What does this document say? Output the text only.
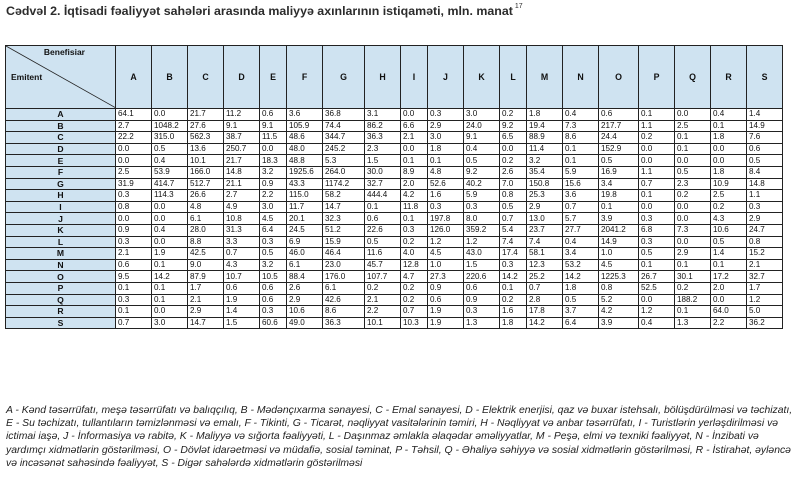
Cədvəl 2. İqtisadi fəaliyyət sahələri arasında maliyyə axınlarının istiqaməti, mln. manat $^{17}$
Benefisiar
Emitent	A	B	C	D	E	F	G	H	I	J	K	L	M	N	O	P	Q	R	S
A	64.1	0.0	21.7	11.2	0.6	3.6	36.8	3.1	0.0	0.3	3.0	0.2	1.8	0.4	0.6	0.1	0.0	0.4	1.4
B	2.7	1048.2	27.6	9.1	9.1	105.9	74.4	86.2	6.6	2.9	24.0	9.2	19.4	7.3	217.7	1.1	2.5	0.1	14.9
C	22.2	315.0	562.3	38.7	11.5	48.6	344.7	36.3	2.1	3.0	9.1	6.5	88.9	8.6	24.4	0.2	0.1	1.8	7.6
D	0.0	0.5	13.6	250.7	0.0	48.0	245.2	2.3	0.0	1.8	0.4	0.0	11.4	0.1	152.9	0.0	0.1	0.0	0.6
E	0.0	0.4	10.1	21.7	18.3	48.8	5.3	1.5	0.1	0.1	0.5	0.2	3.2	0.1	0.5	0.0	0.0	0.0	0.5
F	2.5	53.9	166.0	14.8	3.2	1925.6	264.0	30.0	8.9	4.8	9.2	2.6	35.4	5.9	16.9	1.1	0.5	1.8	8.4
G	31.9	414.7	512.7	21.1	0.9	43.3	1174.2	32.7	2.0	52.6	40.2	7.0	150.8	15.6	3.4	0.7	2.3	10.9	14.8
H	0.3	114.3	26.6	2.7	2.2	115.0	58.2	444.4	4.2	1.6	5.9	0.8	25.3	3.6	19.8	0.1	0.2	2.5	1.1
I	0.8	0.0	4.8	4.9	3.0	11.7	14.7	0.1	11.8	0.3	0.3	0.5	2.9	0.7	0.1	0.0	0.0	0.2	0.3
J	0.0	0.0	6.1	10.8	4.5	20.1	32.3	0.6	0.1	197.8	8.0	0.7	13.0	5.7	3.9	0.3	0.0	4.3	2.9
K	0.9	0.4	28.0	31.3	6.4	24.5	51.2	22.6	0.3	126.0	359.2	5.4	23.7	27.7	2041.2	6.8	7.3	10.6	24.7
L	0.3	0.0	8.8	3.3	0.3	6.9	15.9	0.5	0.2	1.2	1.2	7.4	7.4	0.4	14.9	0.3	0.0	0.5	0.8
M	2.1	1.9	42.5	0.7	0.5	46.0	46.4	11.6	4.0	4.5	43.0	17.4	58.1	3.4	1.0	0.5	2.9	1.4	15.2
N	0.6	0.1	9.0	4.3	3.2	6.1	23.0	45.7	12.8	1.0	1.5	0.3	12.3	53.2	4.5	0.1	0.1	0.1	2.1
O	9.5	14.2	87.9	10.7	10.5	88.4	176.0	107.7	4.7	27.3	220.6	14.2	25.2	14.2	1225.3	26.7	30.1	17.2	32.7
P	0.1	0.1	1.7	0.6	0.6	2.6	6.1	0.2	0.2	0.9	0.6	0.1	0.7	1.8	0.8	52.5	0.2	2.0	1.7
Q	0.3	0.1	2.1	1.9	0.6	2.9	42.6	2.1	0.2	0.6	0.9	0.2	2.8	0.5	5.2	0.0	188.2	0.0	1.2
R	0.1	0.0	2.9	1.4	0.3	10.6	8.6	2.2	0.7	1.9	0.3	1.6	17.8	3.7	4.2	1.2	0.1	64.0	5.0
S	0.7	3.0	14.7	1.5	60.6	49.0	36.3	10.1	10.3	1.9	1.3	1.8	14.2	6.4	3.9	0.4	1.3	2.2	36.2
A - Kənd təsərrüfatı, meşə təsərrüfatı və balıqçılıq, B - Mədənçıxarma sənayesi, C - Emal sənayesi, D - Elektrik enerjisi, qaz və buxar istehsalı, bölüşdürülməsi və təchizatı, E - Su təchizatı, tullantıların təmizlənməsi və emalı, F - Tikinti, G - Ticarət, nəqliyyat vasitələrinin təmiri, H - Nəqliyyat və anbar təsərrüfatı, I - Turistlərin yerləşdirilməsi və ictimai iaşə, J - İnformasiya və rabitə, K - Maliyyə və sığorta fəaliyyəti, L - Daşınmaz əmlakla əlaqədar əməliyyatlar, M - Peşə, elmi və texniki fəaliyyət, N - İnzibati və yardımçı xidmətlərin göstərilməsi, O - Dövlət idarəetməsi və müdafiə, sosial təminat, P - Təhsil, Q - Əhaliyə səhiyyə və sosial xidmətlərin göstərilməsi, R - İstirahət, əyləncə və incəsənət sahəsində fəaliyyət, S - Digər sahələrdə xidmətlərin göstərilməsi
